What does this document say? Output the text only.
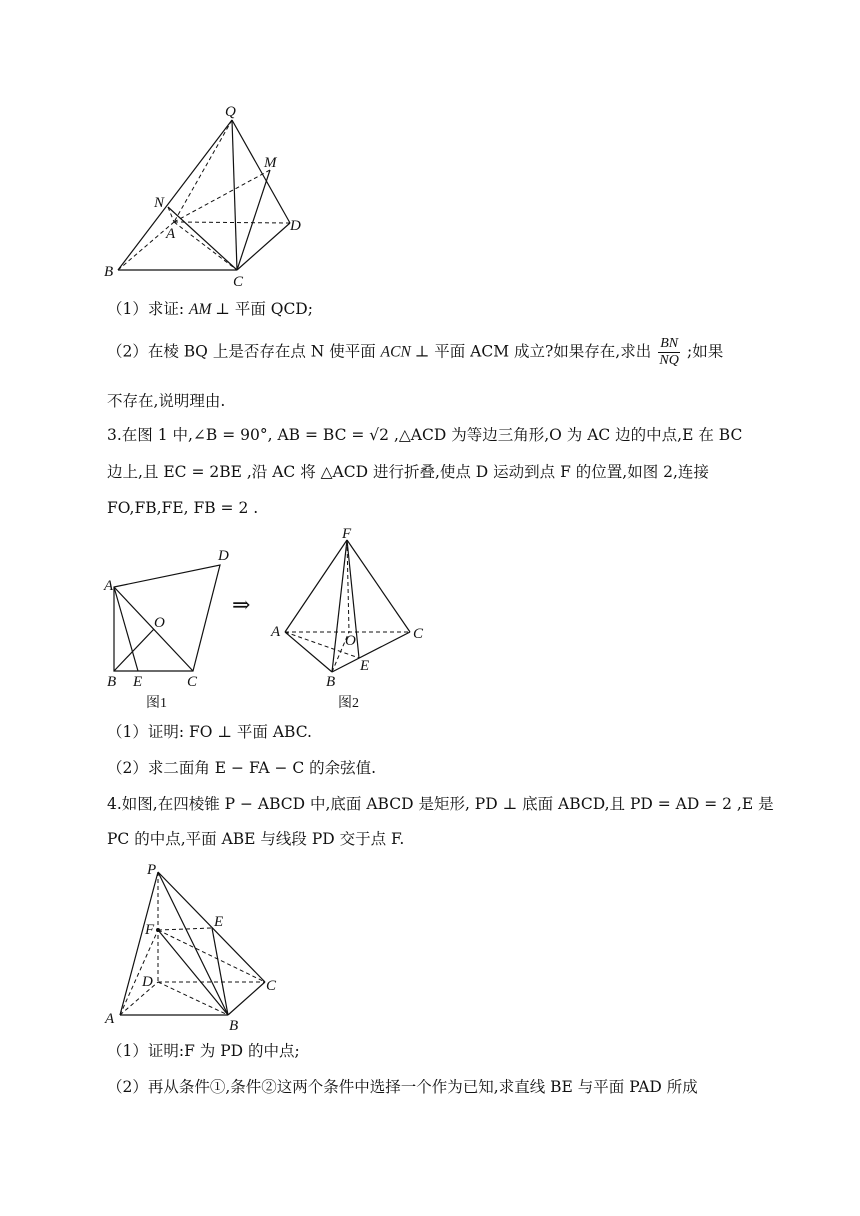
Q
M
N
A	D
B
C
（1）求证: AM ⊥ 平面 QCD;
（2）在棱 BQ 上是否存在点 N 使平面 ACN ⊥ 平面 ACM 成立?如果存在,求出 $\frac{BN}{NQ}$ ;如果
不存在,说明理由.
3.在图 1 中,∠B = 90°, AB = BC = √2 ,△ACD 为等边三角形,O 为 AC 边的中点,E 在 BC
边上,且 EC = 2BE ,沿 AC 将 △ACD 进行折叠,使点 D 运动到点 F 的位置,如图 2,连接
FO,FB,FE, FB = 2 .
A
D
O
B E	C
图1
⇒
F
A
O	C
E
B
图2
（1）证明: FO ⊥ 平面 ABC.
（2）求二面角 E − FA − C 的余弦值.
4.如图,在四棱锥 P − ABCD 中,底面 ABCD 是矩形, PD ⊥ 底面 ABCD,且 PD = AD = 2 ,E 是
PC 的中点,平面 ABE 与线段 PD 交于点 F.
P
E
F
D	C
A	B
（1）证明:F 为 PD 的中点;
（2）再从条件①,条件②这两个条件中选择一个作为已知,求直线 BE 与平面 PAD 所成
